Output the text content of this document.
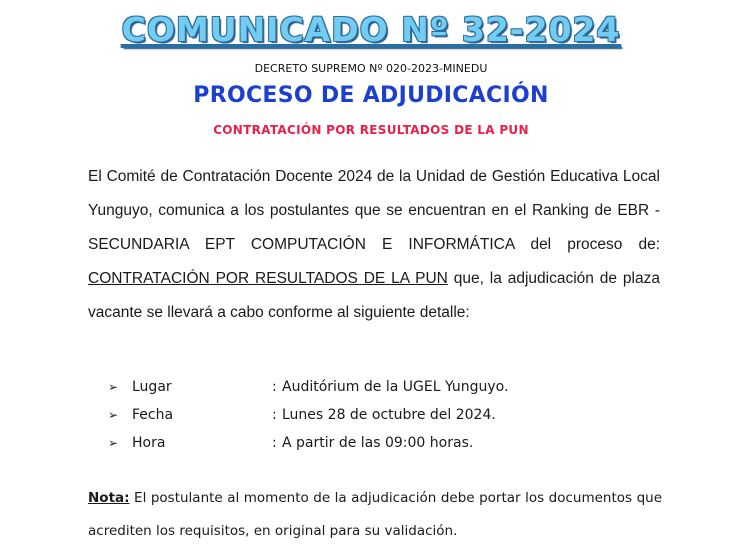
COMUNICADO Nº 32-2024
DECRETO SUPREMO Nº 020-2023-MINEDU
PROCESO DE ADJUDICACIÓN
CONTRATACIÓN POR RESULTADOS DE LA PUN
El Comité de Contratación Docente 2024 de la Unidad de Gestión Educativa Local Yunguyo, comunica a los postulantes que se encuentran en el Ranking de EBR - SECUNDARIA EPT COMPUTACIÓN E INFORMÁTICA del proceso de: CONTRATACIÓN POR RESULTADOS DE LA PUN que, la adjudicación de plaza vacante se llevará a cabo conforme al siguiente detalle:
➢ Lugar	: Auditórium de la UGEL Yunguyo.
➢ Fecha	: Lunes 28 de octubre del 2024.
➢ Hora	: A partir de las 09:00 horas.
Nota: El postulante al momento de la adjudicación debe portar los documentos que acrediten los requisitos, en original para su validación.
